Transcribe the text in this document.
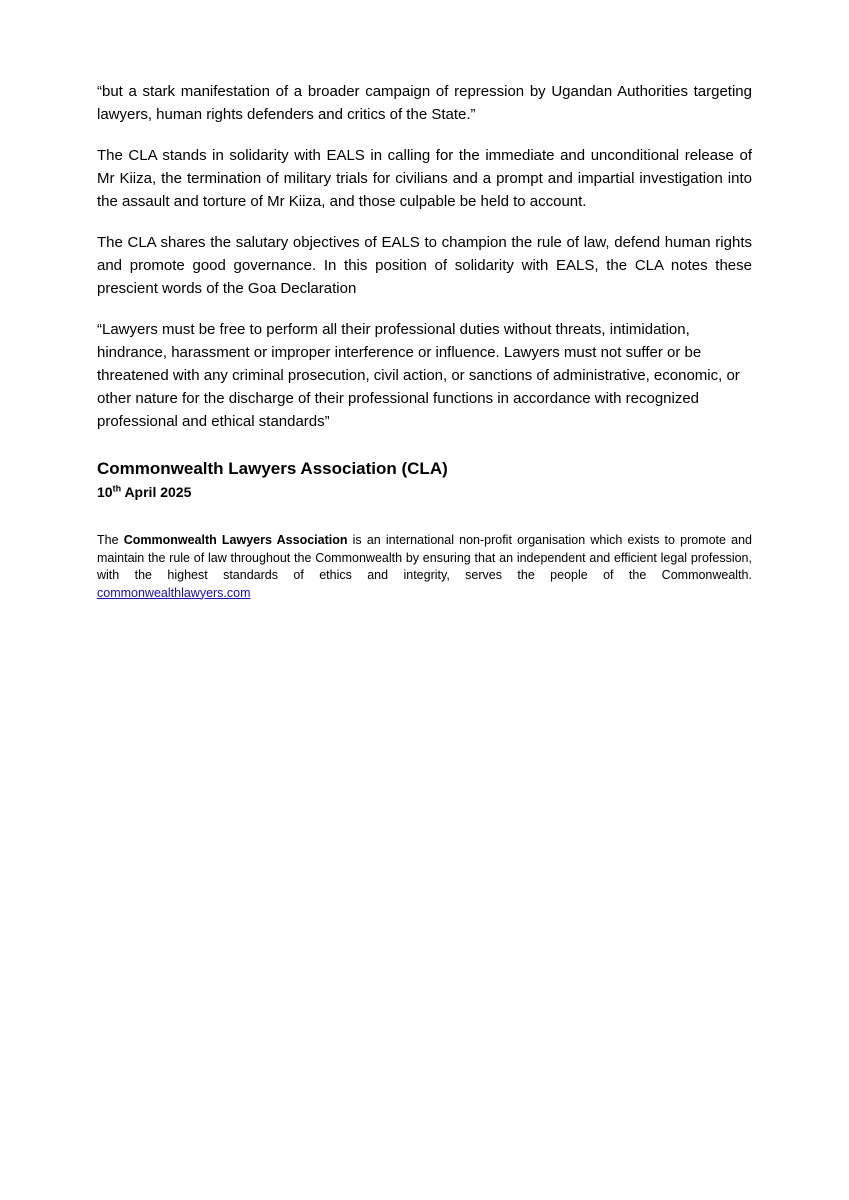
“but a stark manifestation of a broader campaign of repression by Ugandan Authorities targeting lawyers, human rights defenders and critics of the State.”

The CLA stands in solidarity with EALS in calling for the immediate and unconditional release of Mr Kiiza, the termination of military trials for civilians and a prompt and impartial investigation into the assault and torture of Mr Kiiza, and those culpable be held to account.

The CLA shares the salutary objectives of EALS to champion the rule of law, defend human rights and promote good governance. In this position of solidarity with EALS, the CLA notes these prescient words of the Goa Declaration

“Lawyers must be free to perform all their professional duties without threats, intimidation, hindrance, harassment or improper interference or influence. Lawyers must not suffer or be threatened with any criminal prosecution, civil action, or sanctions of administrative, economic, or other nature for the discharge of their professional functions in accordance with recognized professional and ethical standards”

Commonwealth Lawyers Association (CLA)
10th April 2025

The Commonwealth Lawyers Association is an international non-profit organisation which exists to promote and maintain the rule of law throughout the Commonwealth by ensuring that an independent and efficient legal profession, with the highest standards of ethics and integrity, serves the people of the Commonwealth. commonwealthlawyers.com
